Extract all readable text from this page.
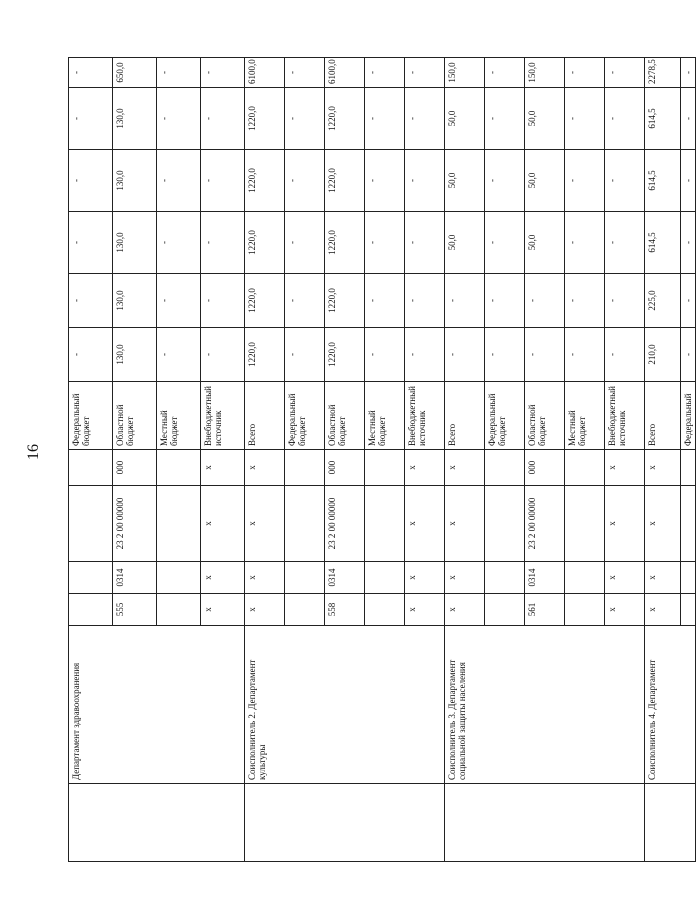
16
	Департамент здравоохранения					Федеральный бюджет	-	-	-	-	-	-	
		555	0314	23 2 00 00000	000	Областной бюджет	130,0	130,0	130,0	130,0	130,0	650,0	
						Местный бюджет	-	-	-	-	-	-	
		x	x	x	x	Внебюджетный источник	-	-	-	-	-	-	
	Соисполнитель 2. Департамент культуры	x	x	x	x	Всего	1220,0	1220,0	1220,0	1220,0	1220,0	6100,0	
						Федеральный бюджет	-	-	-	-	-	-	
		558	0314	23 2 00 00000	000	Областной бюджет	1220,0	1220,0	1220,0	1220,0	1220,0	6100,0	
						Местный бюджет	-	-	-	-	-	-	
		x	x	x	x	Внебюджетный источник	-	-	-	-	-	-	
	Соисполнитель 3. Департамент социальной защиты населения	x	x	x	x	Всего	-	-	50,0	50,0	50,0	150,0	
						Федеральный бюджет	-	-	-	-	-	-	
		561	0314	23 2 00 00000	000	Областной бюджет	-	-	50,0	50,0	50,0	150,0	
						Местный бюджет	-	-	-	-	-	-	
		x	x	x	x	Внебюджетный источник	-	-	-	-	-	-	
	Соисполнитель 4. Департамент	x	x	x	x	Всего	210,0	225,0	614,5	614,5	614,5	2278,5	
						Федеральный	-	-	-	-	-	-	
